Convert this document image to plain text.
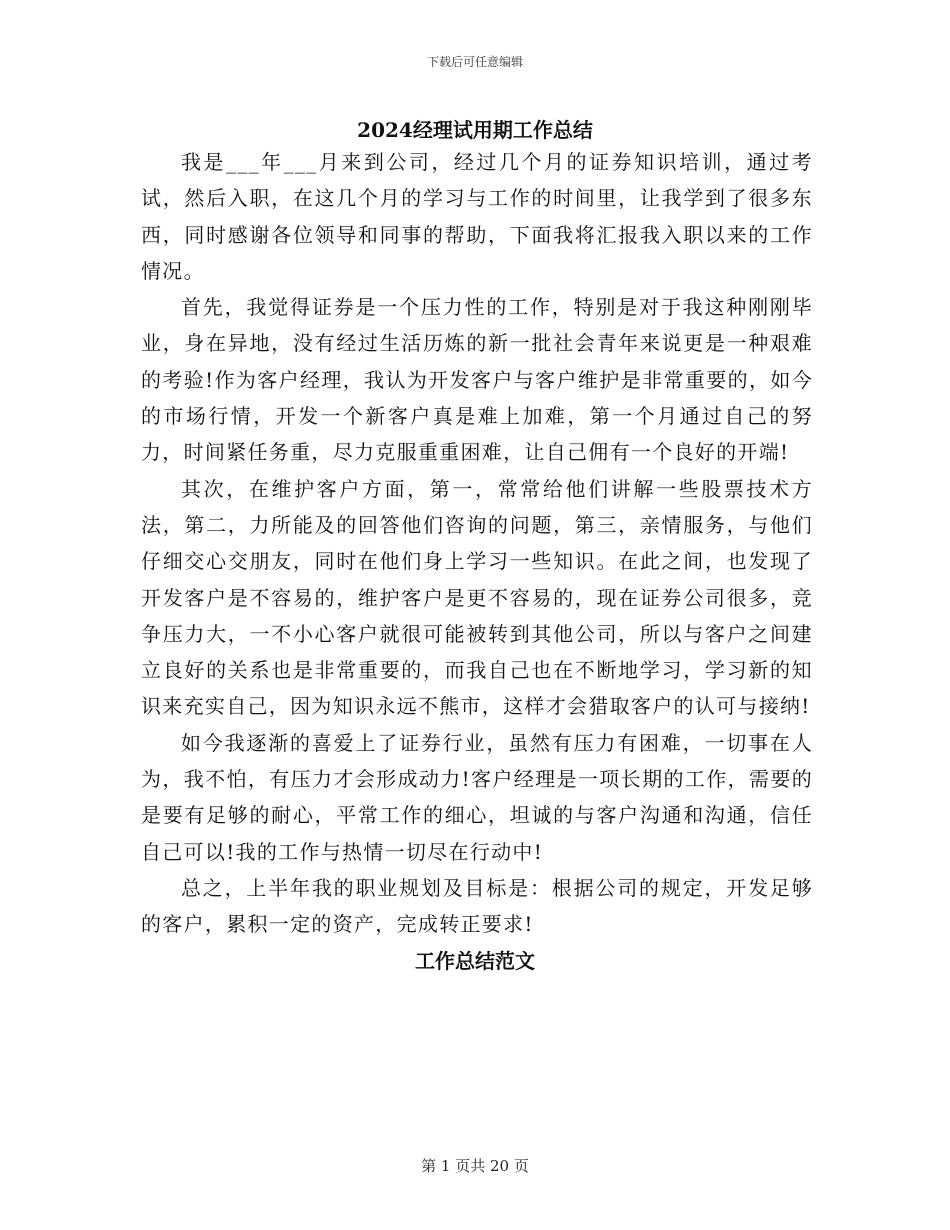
下载后可任意编辑
2024经理试用期工作总结

我是___年___月来到公司，经过几个月的证券知识培训，通过考试，然后入职，在这几个月的学习与工作的时间里，让我学到了很多东西，同时感谢各位领导和同事的帮助，下面我将汇报我入职以来的工作情况。

首先，我觉得证券是一个压力性的工作，特别是对于我这种刚刚毕业，身在异地，没有经过生活历炼的新一批社会青年来说更是一种艰难的考验!作为客户经理，我认为开发客户与客户维护是非常重要的，如今的市场行情，开发一个新客户真是难上加难，第一个月通过自己的努力，时间紧任务重，尽力克服重重困难，让自己佣有一个良好的开端!

其次，在维护客户方面，第一，常常给他们讲解一些股票技术方法，第二，力所能及的回答他们咨询的问题，第三，亲情服务，与他们仔细交心交朋友，同时在他们身上学习一些知识。在此之间，也发现了开发客户是不容易的，维护客户是更不容易的，现在证券公司很多，竞争压力大，一不小心客户就很可能被转到其他公司，所以与客户之间建立良好的关系也是非常重要的，而我自己也在不断地学习，学习新的知识来充实自己，因为知识永远不熊市，这样才会猎取客户的认可与接纳!

如今我逐渐的喜爱上了证券行业，虽然有压力有困难，一切事在人为，我不怕，有压力才会形成动力!客户经理是一项长期的工作，需要的是要有足够的耐心，平常工作的细心，坦诚的与客户沟通和沟通，信任自己可以!我的工作与热情一切尽在行动中!

总之，上半年我的职业规划及目标是：根据公司的规定，开发足够的客户，累积一定的资产，完成转正要求!

工作总结范文

第 1 页共 20 页
